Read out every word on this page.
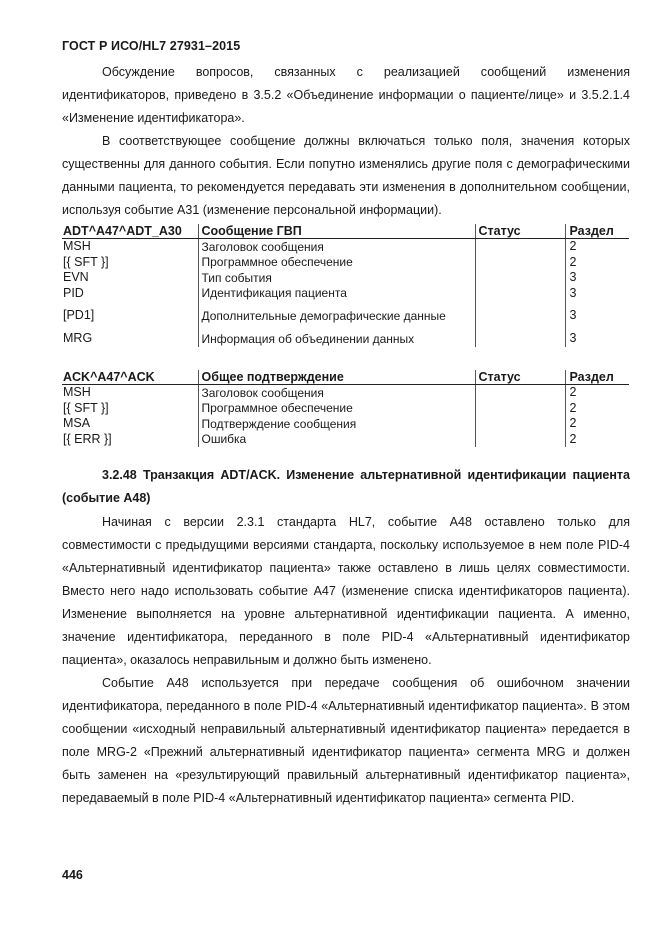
ГОСТ Р ИСО/HL7 27931–2015

Обсуждение вопросов, связанных с реализацией сообщений изменения идентификаторов, приведено в 3.5.2 «Объединение информации о пациенте/лице» и 3.5.2.1.4 «Изменение идентификатора».

В соответствующее сообщение должны включаться только поля, значения которых существенны для данного события. Если попутно изменялись другие поля с демографическими данными пациента, то рекомендуется передавать эти изменения в дополнительном сообщении, используя событие A31 (изменение персональной информации).

ADT^A47^ADT_A30	Сообщение ГВП	Статус	Раздел
MSH	Заголовок сообщения		2
[{ SFT }]	Программное обеспечение		2
EVN	Тип события		3
PID	Идентификация пациента		3
[PD1]	Дополнительные демографические данные		3
MRG	Информация об объединении данных		3
ACK^A47^ACK	Общее подтверждение	Статус	Раздел
MSH	Заголовок сообщения		2
[{ SFT }]	Программное обеспечение		2
MSA	Подтверждение сообщения		2
[{ ERR }]	Ошибка		2

3.2.48 Транзакция ADT/ACK. Изменение альтернативной идентификации пациента (событие A48)

Начиная с версии 2.3.1 стандарта HL7, событие A48 оставлено только для совместимости с предыдущими версиями стандарта, поскольку используемое в нем поле PID-4 «Альтернативный идентификатор пациента» также оставлено в лишь целях совместимости. Вместо него надо использовать событие A47 (изменение списка идентификаторов пациента). Изменение выполняется на уровне альтернативной идентификации пациента. А именно, значение идентификатора, переданного в поле PID-4 «Альтернативный идентификатор пациента», оказалось неправильным и должно быть изменено.

Событие A48 используется при передаче сообщения об ошибочном значении идентификатора, переданного в поле PID-4 «Альтернативный идентификатор пациента». В этом сообщении «исходный неправильный альтернативный идентификатор пациента» передается в поле MRG-2 «Прежний альтернативный идентификатор пациента» сегмента MRG и должен быть заменен на «результирующий правильный альтернативный идентификатор пациента», передаваемый в поле PID-4 «Альтернативный идентификатор пациента» сегмента PID.

446
